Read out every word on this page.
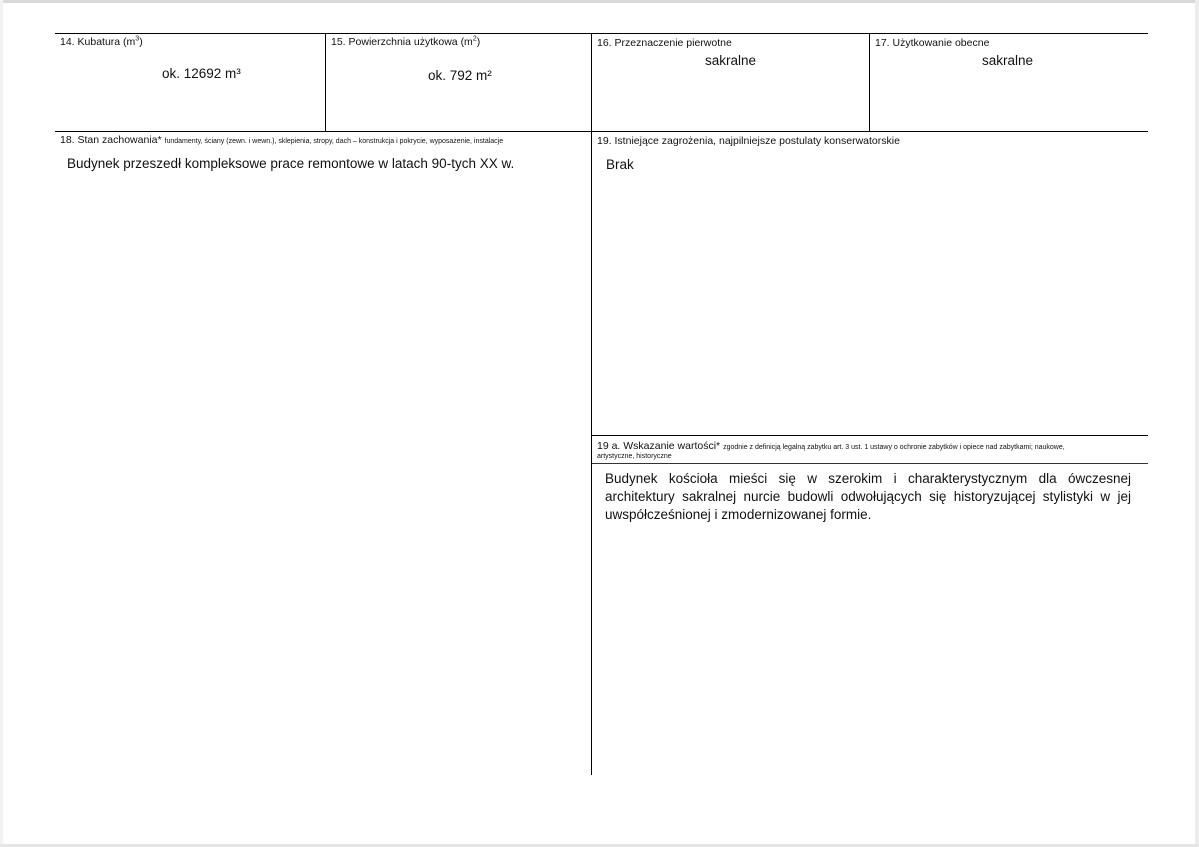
14. Kubatura $(m^3)$
ok. 12692 m³
15. Powierzchnia użytkowa $(m^2)$
ok. 792 m²
16. Przeznaczenie pierwotne
sakralne
17. Użytkowanie obecne
sakralne
18. Stan zachowania* fundamenty, ściany (zewn. i wewn.), sklepienia, stropy, dach – konstrukcja i pokrycie, wyposażenie, instalacje
Budynek przeszedł kompleksowe prace remontowe w latach 90-tych XX w.
19. Istniejące zagrożenia, najpilniejsze postulaty konserwatorskie
Brak
19 a. Wskazanie wartości* zgodnie z definicją legalną zabytku art. 3 ust. 1 ustawy o ochronie zabytków i opiece nad zabytkami; naukowe,
artystyczne, historyczne
Budynek kościoła mieści się w szerokim i charakterystycznym dla ówczesnej architektury sakralnej nurcie budowli odwołujących się historyzującej stylistyki w jej uwspółcześnionej i zmodernizowanej formie.
